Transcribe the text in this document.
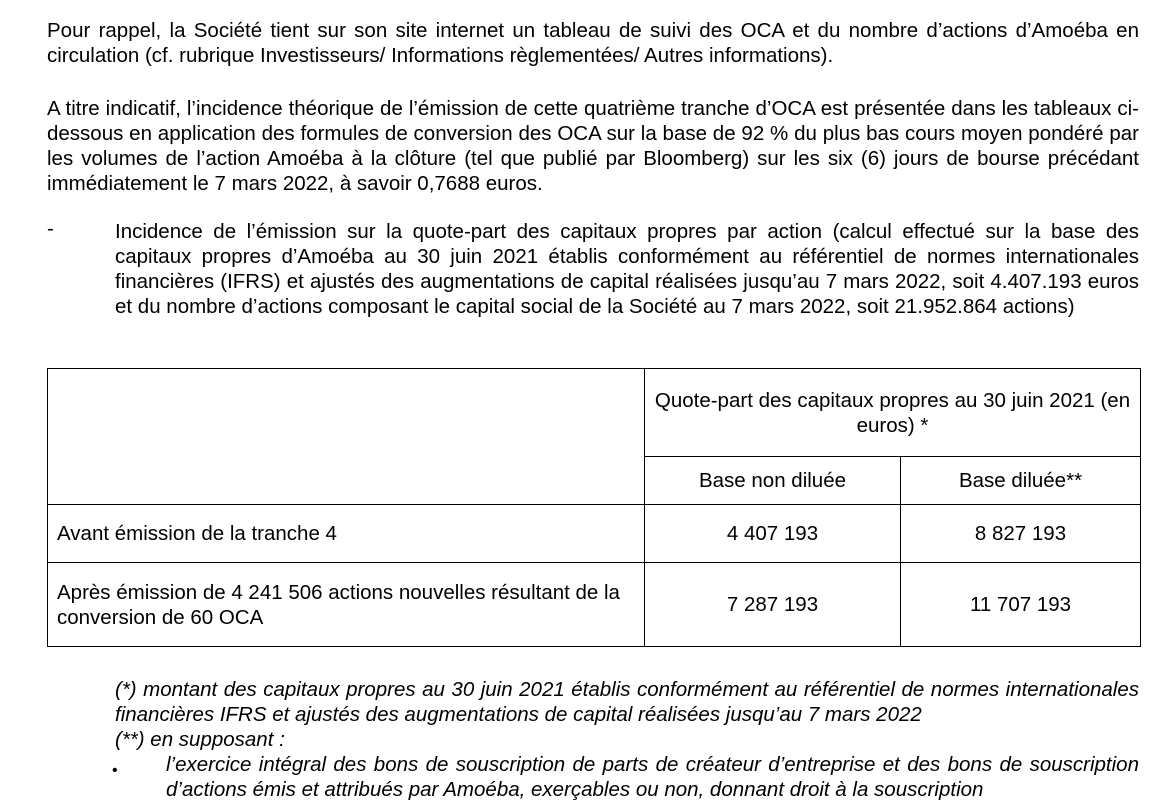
Pour rappel, la Société tient sur son site internet un tableau de suivi des OCA et du nombre d’actions d’Amoéba en circulation (cf. rubrique Investisseurs/ Informations règlementées/ Autres informations).

A titre indicatif, l’incidence théorique de l’émission de cette quatrième tranche d’OCA est présentée dans les tableaux ci-dessous en application des formules de conversion des OCA sur la base de 92 % du plus bas cours moyen pondéré par les volumes de l’action Amoéba à la clôture (tel que publié par Bloomberg) sur les six (6) jours de bourse précédant immédiatement le 7 mars 2022, à savoir 0,7688 euros.

-	Incidence de l’émission sur la quote-part des capitaux propres par action (calcul effectué sur la base des capitaux propres d’Amoéba au 30 juin 2021 établis conformément au référentiel de normes internationales financières (IFRS) et ajustés des augmentations de capital réalisées jusqu’au 7 mars 2022, soit 4.407.193 euros et du nombre d’actions composant le capital social de la Société au 7 mars 2022, soit 21.952.864 actions)

	Quote-part des capitaux propres au 30 juin 2021 (en euros) *	
	Base non diluée	Base diluée**
Avant émission de la tranche 4	4 407 193	8 827 193
Après émission de 4 241 506 actions nouvelles résultant de la conversion de 60 OCA	7 287 193	11 707 193

(*) montant des capitaux propres au 30 juin 2021 établis conformément au référentiel de normes internationales financières IFRS et ajustés des augmentations de capital réalisées jusqu’au 7 mars 2022

(**) en supposant :

• l’exercice intégral des bons de souscription de parts de créateur d’entreprise et des bons de souscription d’actions émis et attribués par Amoéba, exerçables ou non, donnant droit à la souscription
